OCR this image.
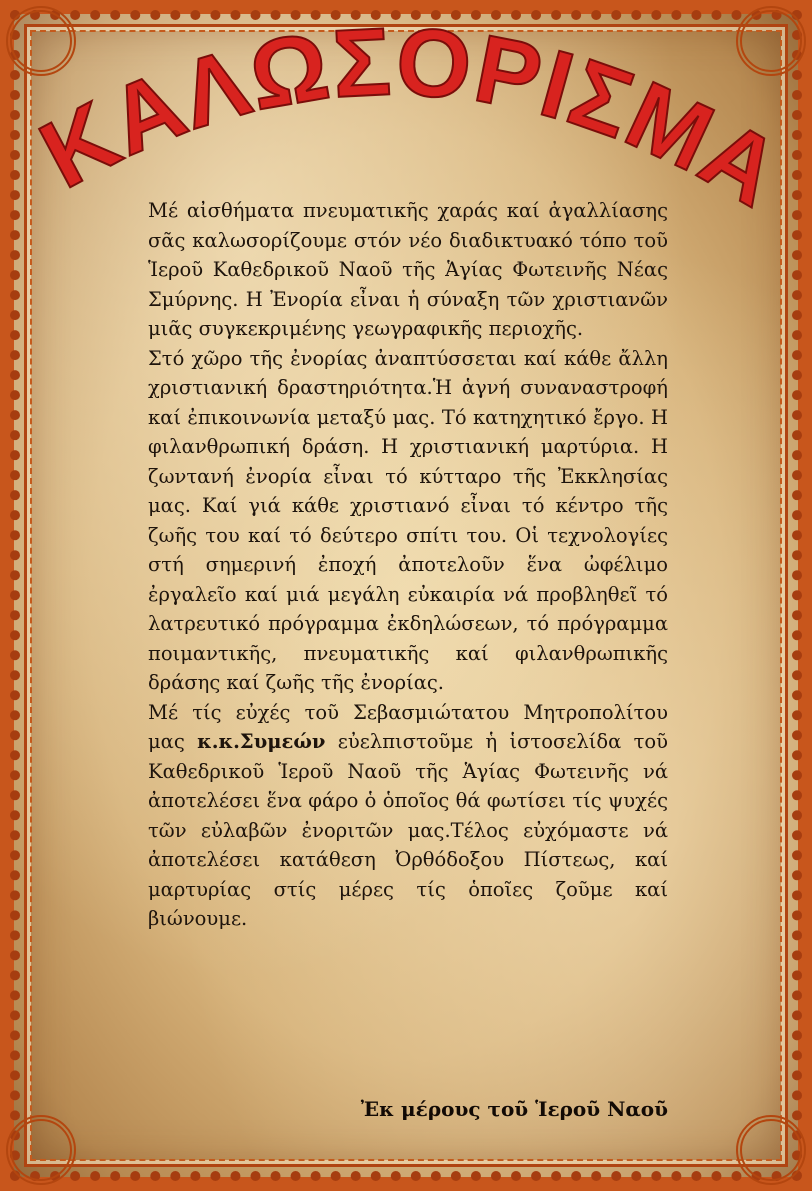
ΚΑΛΩΣΟΡΙΣΜΑ

Μέ αἰσθήματα πνευματικῆς χαράς καί ἀγαλλίασης σᾶς καλωσορίζουμε στόν νέο διαδικτυακό τόπο τοῦ Ἱεροῦ Καθεδρικοῦ Ναοῦ τῆς Ἁγίας Φωτεινῆς Νέας Σμύρνης. Η Ἐνορία εἶναι ἡ σύναξη τῶν χριστιανῶν μιᾶς συγκεκριμένης γεωγραφικῆς περιοχῆς.

Στό χῶρο τῆς ἐνορίας ἀναπτύσσεται καί κάθε ἄλλη χριστιανική δραστηριότητα.Ἡ ἁγνή συναναστροφή καί ἐπικοινωνία μεταξύ μας. Τό κατηχητικό ἔργο. Η φιλανθρωπική δράση. Η χριστιανική μαρτύρια. Η ζωντανή ἐνορία εἶναι τό κύτταρο τῆς Ἐκκλησίας μας. Καί γιά κάθε χριστιανό εἶναι τό κέντρο τῆς ζωῆς του καί τό δεύτερο σπίτι του. Οἱ τεχνολογίες στή σημερινή ἐποχή ἀποτελοῦν ἕνα ὠφέλιμο ἐργαλεῖο καί μιά μεγάλη εὐκαιρία νά προβληθεῖ τό λατρευτικό πρόγραμμα ἐκδηλώσεων, τό πρόγραμμα ποιμαντικῆς, πνευματικῆς καί φιλανθρωπικῆς δράσης καί ζωῆς τῆς ἐνορίας.

Μέ τίς εὐχές τοῦ Σεβασμιώτατου Μητροπολίτου μας κ.κ.Συμεών εὐελπιστοῦμε ἡ ἱστοσελίδα τοῦ Καθεδρικοῦ Ἱεροῦ Ναοῦ τῆς Ἁγίας Φωτεινῆς νά ἀποτελέσει ἕνα φάρο ὁ ὁποῖος θά φωτίσει τίς ψυχές τῶν εὐλαβῶν ἐνοριτῶν μας.Τέλος εὐχόμαστε νά ἀποτελέσει κατάθεση Ὀρθόδοξου Πίστεως, καί μαρτυρίας στίς μέρες τίς ὁποῖες ζοῦμε καί βιώνουμε.

Ἐκ μέρους τοῦ Ἱεροῦ Ναοῦ
